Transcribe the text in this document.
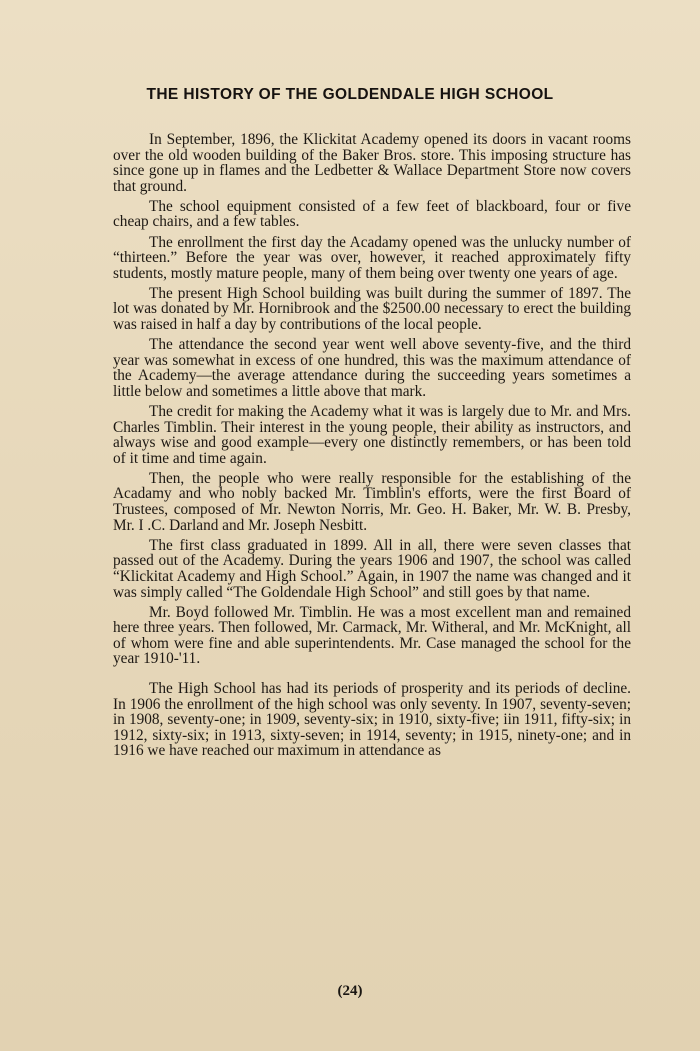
THE HISTORY OF THE GOLDENDALE HIGH SCHOOL

In September, 1896, the Klickitat Academy opened its doors in vacant rooms over the old wooden building of the Baker Bros. store. This imposing structure has since gone up in flames and the Ledbetter & Wallace Department Store now covers that ground.

The school equipment consisted of a few feet of blackboard, four or five cheap chairs, and a few tables.

The enrollment the first day the Acadamy opened was the unlucky number of “thirteen.” Before the year was over, however, it reached approximately fifty students, mostly mature people, many of them being over twenty one years of age.

The present High School building was built during the summer of 1897. The lot was donated by Mr. Hornibrook and the $2500.00 necessary to erect the building was raised in half a day by contributions of the local people.

The attendance the second year went well above seventy-five, and the third year was somewhat in excess of one hundred, this was the maximum attendance of the Academy—the average attendance during the succeeding years sometimes a little below and sometimes a little above that mark.

The credit for making the Academy what it was is largely due to Mr. and Mrs. Charles Timblin. Their interest in the young people, their ability as instructors, and always wise and good example—every one distinctly remembers, or has been told of it time and time again.

Then, the people who were really responsible for the establishing of the Acadamy and who nobly backed Mr. Timblin's efforts, were the first Board of Trustees, composed of Mr. Newton Norris, Mr. Geo. H. Baker, Mr. W. B. Presby, Mr. I .C. Darland and Mr. Joseph Nesbitt.

The first class graduated in 1899. All in all, there were seven classes that passed out of the Academy. During the years 1906 and 1907, the school was called “Klickitat Academy and High School.” Again, in 1907 the name was changed and it was simply called “The Goldendale High School” and still goes by that name.

Mr. Boyd followed Mr. Timblin. He was a most excellent man and remained here three years. Then followed, Mr. Carmack, Mr. Witheral, and Mr. McKnight, all of whom were fine and able superintendents. Mr. Case managed the school for the year 1910-'11.

The High School has had its periods of prosperity and its periods of decline. In 1906 the enrollment of the high school was only seventy. In 1907, seventy-seven; in 1908, seventy-one; in 1909, seventy-six; in 1910, sixty-five; iin 1911, fifty-six; in 1912, sixty-six; in 1913, sixty-seven; in 1914, seventy; in 1915, ninety-one; and in 1916 we have reached our maximum in attendance as

(24)
